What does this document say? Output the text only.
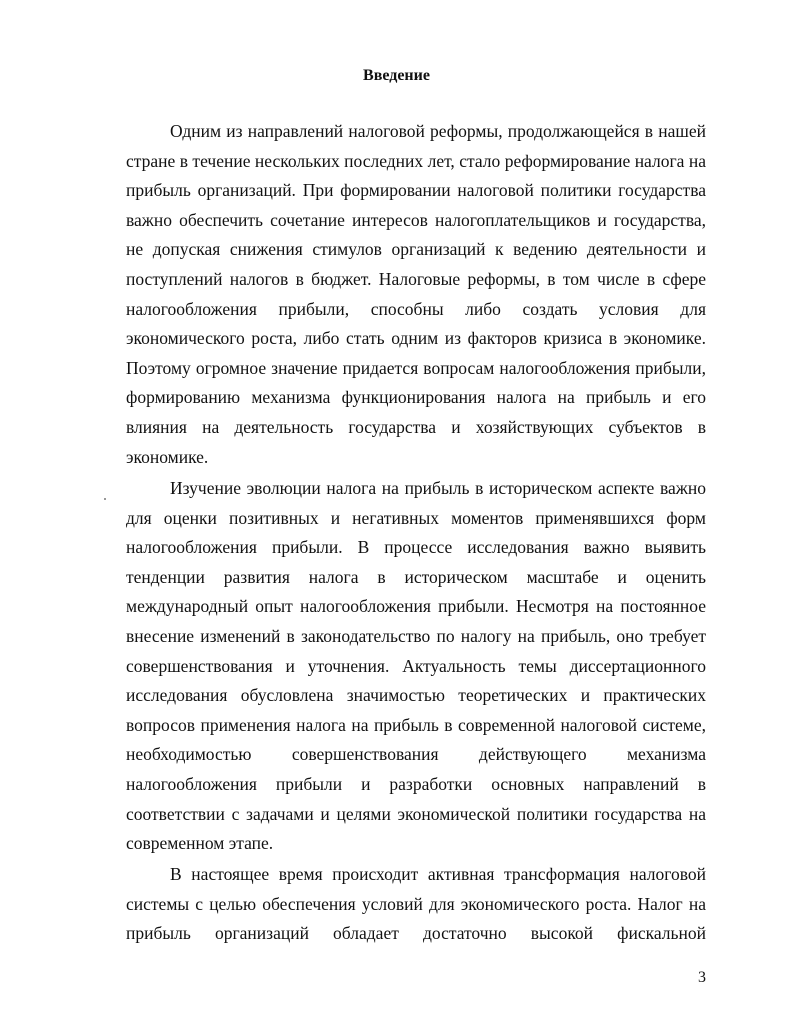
Введение
Одним из направлений налоговой реформы, продолжающейся в нашей
стране в течение нескольких последних лет, стало реформирование налога на
прибыль организаций. При формировании налоговой политики государства
важно обеспечить сочетание интересов налогоплательщиков и государства,
не допуская снижения стимулов организаций к ведению деятельности и
поступлений налогов в бюджет. Налоговые реформы, в том числе в сфере
налогообложения прибыли, способны либо создать условия для
экономического роста, либо стать одним из факторов кризиса в экономике.
Поэтому огромное значение придается вопросам налогообложения прибыли,
формированию механизма функционирования налога на прибыль и его
влияния на деятельность государства и хозяйствующих субъектов в
экономике.
Изучение эволюции налога на прибыль в историческом аспекте важно
для оценки позитивных и негативных моментов применявшихся форм
налогообложения прибыли. В процессе исследования важно выявить
тенденции развития налога в историческом масштабе и оценить
международный опыт налогообложения прибыли. Несмотря на постоянное
внесение изменений в законодательство по налогу на прибыль, оно требует
совершенствования и уточнения. Актуальность темы диссертационного
исследования обусловлена значимостью теоретических и практических
вопросов применения налога на прибыль в современной налоговой системе,
необходимостью совершенствования действующего механизма
налогообложения прибыли и разработки основных направлений в
соответствии с задачами и целями экономической политики государства на
современном этапе.
В настоящее время происходит активная трансформация налоговой
системы с целью обеспечения условий для экономического роста. Налог на
прибыль организаций обладает достаточно высокой фискальной
3
